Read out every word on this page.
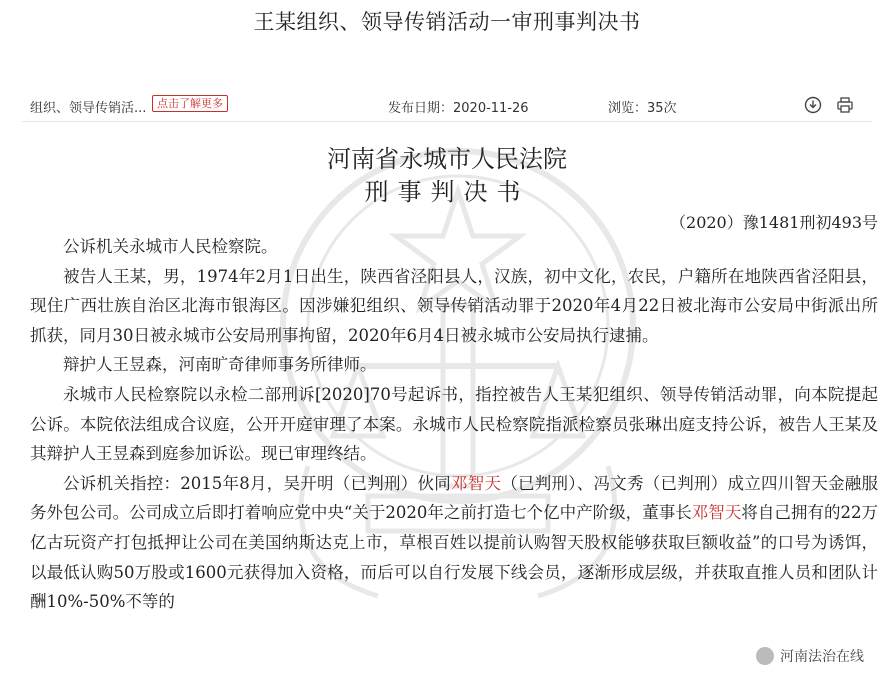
王某组织、领导传销活动一审刑事判决书
组织、领导传销活... 点击了解更多	发布日期：2020-11-26	浏览：35次

河南省永城市人民法院
刑事判决书
（2020）豫1481刑初493号

公诉机关永城市人民检察院。

被告人王某，男，1974年2月1日出生，陕西省泾阳县人，汉族，初中文化，农民，户籍所在地陕西省泾阳县，现住广西壮族自治区北海市银海区。因涉嫌犯组织、领导传销活动罪于2020年4月22日被北海市公安局中街派出所抓获，同月30日被永城市公安局刑事拘留，2020年6月4日被永城市公安局执行逮捕。

辩护人王昱森，河南旷奇律师事务所律师。

永城市人民检察院以永检二部刑诉[2020]70号起诉书，指控被告人王某犯组织、领导传销活动罪，向本院提起公诉。本院依法组成合议庭，公开开庭审理了本案。永城市人民检察院指派检察员张琳出庭支持公诉，被告人王某及其辩护人王昱森到庭参加诉讼。现已审理终结。

公诉机关指控：2015年8月，吴开明（已判刑）伙同邓智天（已判刑）、冯文秀（已判刑）成立四川智天金融服务外包公司。公司成立后即打着响应党中央“关于2020年之前打造七个亿中产阶级，董事长邓智天将自己拥有的22万亿古玩资产打包抵押让公司在美国纳斯达克上市，草根百姓以提前认购智天股权能够获取巨额收益”的口号为诱饵，以最低认购50万股或1600元获得加入资格，而后可以自行发展下线会员，逐渐形成层级，并获取直推人员和团队计酬10%-50%不等的

河南法治在线
